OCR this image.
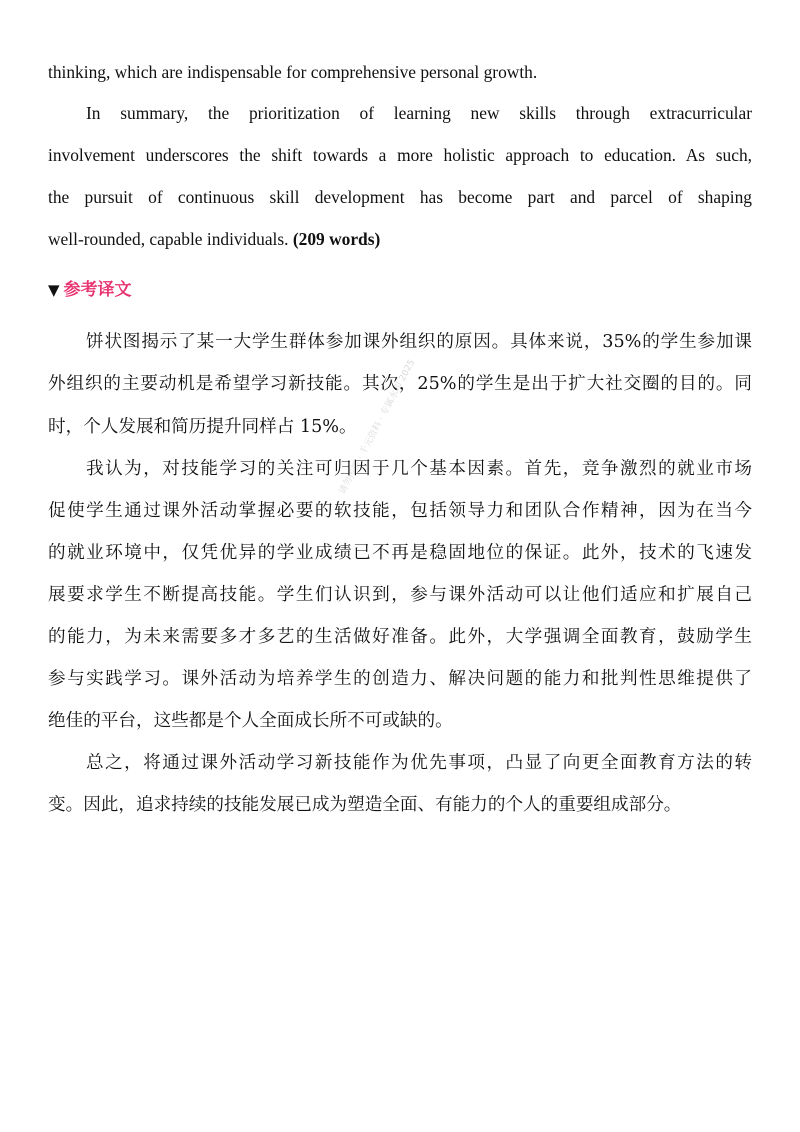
thinking, which are indispensable for comprehensive personal growth.
In summary, the prioritization of learning new skills through extracurricular
involvement underscores the shift towards a more holistic approach to education. As such,
the pursuit of continuous skill development has become part and parcel of shaping
well-rounded, capable individuals. (209 words)
▼ 参考译文
饼状图揭示了某一大学生群体参加课外组织的原因。具体来说，35%的学生参加课
外组织的主要动机是希望学习新技能。其次，25%的学生是出于扩大社交圈的目的。同
时，个人发展和简历提升同样占 15%。
我认为，对技能学习的关注可归因于几个基本因素。首先，竞争激烈的就业市场
促使学生通过课外活动掌握必要的软技能，包括领导力和团队合作精神，因为在当今
的就业环境中，仅凭优异的学业成绩已不再是稳固地位的保证。此外，技术的飞速发
展要求学生不断提高技能。学生们认识到，参与课外活动可以让他们适应和扩展自己
的能力，为未来需要多才多艺的生活做好准备。此外，大学强调全面教育，鼓励学生
参与实践学习。课外活动为培养学生的创造力、解决问题的能力和批判性思维提供了
绝佳的平台，这些都是个人全面成长所不可或缺的。
总之，将通过课外活动学习新技能作为优先事项，凸显了向更全面教育方法的转
变。因此，追求持续的技能发展已成为塑造全面、有能力的个人的重要组成部分。
请勿传播 · 千元资料 · 专属水印 2025
